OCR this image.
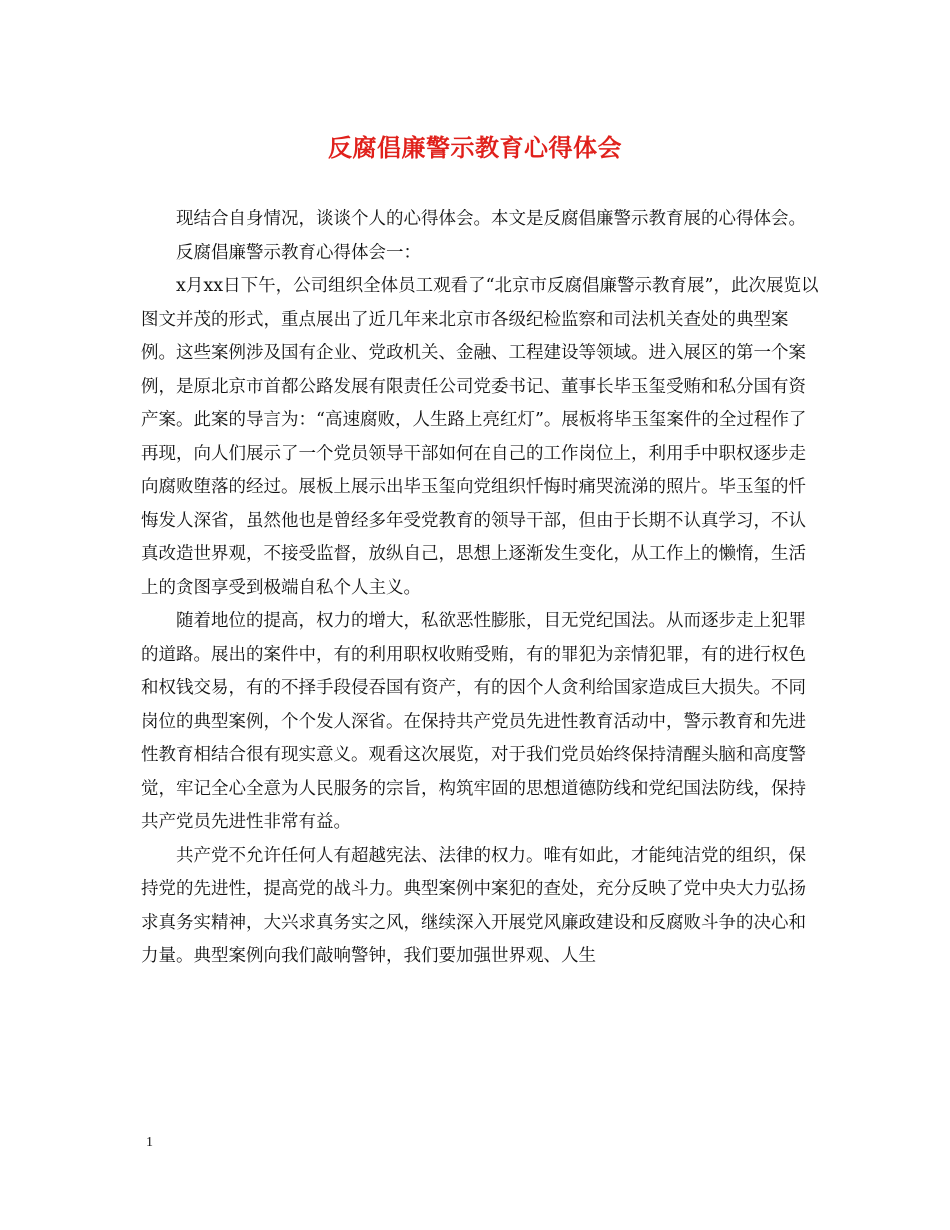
反腐倡廉警示教育心得体会

现结合自身情况，谈谈个人的心得体会。本文是反腐倡廉警示教育展的心得体会。

反腐倡廉警示教育心得体会一：

x月xx日下午，公司组织全体员工观看了“北京市反腐倡廉警示教育展”，此次展览以图文并茂的形式，重点展出了近几年来北京市各级纪检监察和司法机关查处的典型案例。这些案例涉及国有企业、党政机关、金融、工程建设等领域。进入展区的第一个案例，是原北京市首都公路发展有限责任公司党委书记、董事长毕玉玺受贿和私分国有资产案。此案的导言为：“高速腐败，人生路上亮红灯”。展板将毕玉玺案件的全过程作了再现，向人们展示了一个党员领导干部如何在自己的工作岗位上，利用手中职权逐步走向腐败堕落的经过。展板上展示出毕玉玺向党组织忏悔时痛哭流涕的照片。毕玉玺的忏悔发人深省，虽然他也是曾经多年受党教育的领导干部，但由于长期不认真学习，不认真改造世界观，不接受监督，放纵自己，思想上逐渐发生变化，从工作上的懒惰，生活上的贪图享受到极端自私个人主义。

随着地位的提高，权力的增大，私欲恶性膨胀，目无党纪国法。从而逐步走上犯罪的道路。展出的案件中，有的利用职权收贿受贿，有的罪犯为亲情犯罪，有的进行权色和权钱交易，有的不择手段侵吞国有资产，有的因个人贪利给国家造成巨大损失。不同岗位的典型案例，个个发人深省。在保持共产党员先进性教育活动中，警示教育和先进性教育相结合很有现实意义。观看这次展览，对于我们党员始终保持清醒头脑和高度警觉，牢记全心全意为人民服务的宗旨，构筑牢固的思想道德防线和党纪国法防线，保持共产党员先进性非常有益。

共产党不允许任何人有超越宪法、法律的权力。唯有如此，才能纯洁党的组织，保持党的先进性，提高党的战斗力。典型案例中案犯的查处，充分反映了党中央大力弘扬求真务实精神，大兴求真务实之风，继续深入开展党风廉政建设和反腐败斗争的决心和力量。典型案例向我们敲响警钟，我们要加强世界观、人生

1
